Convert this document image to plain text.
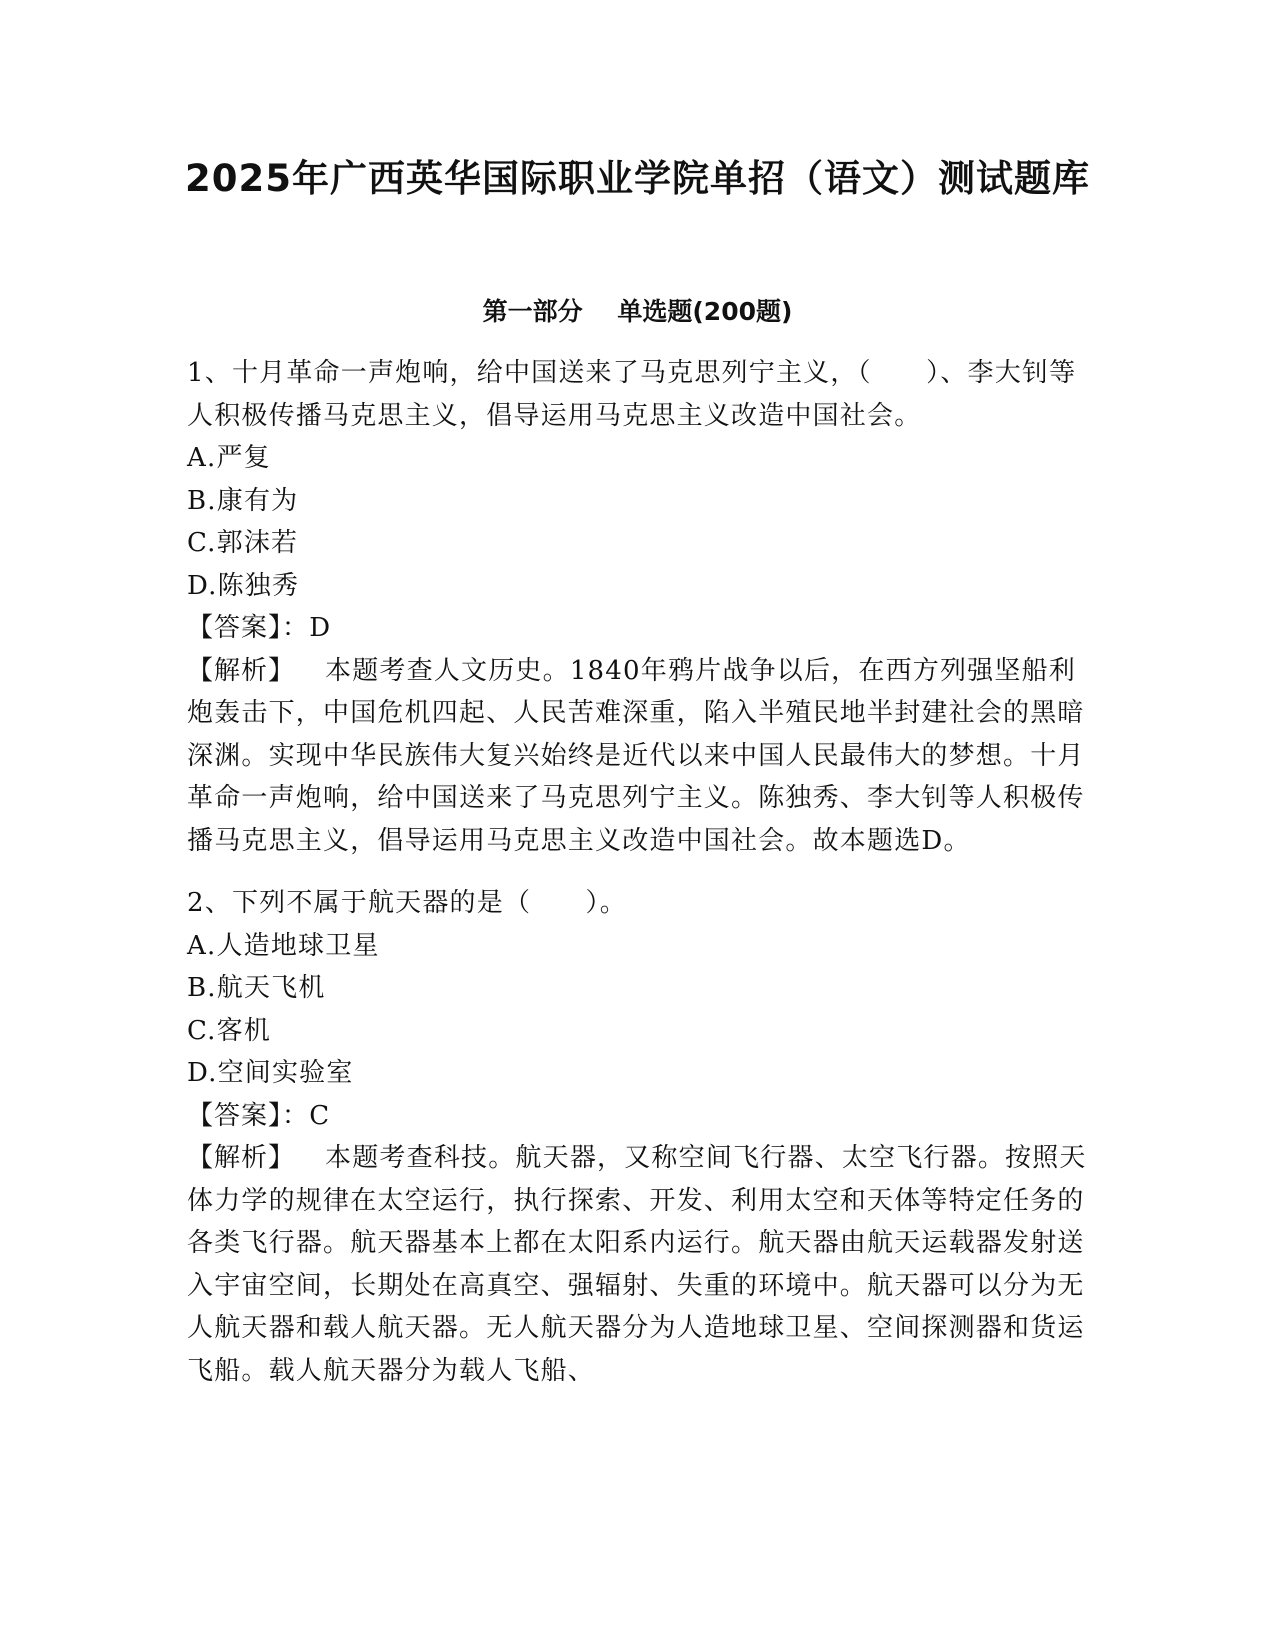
2025年广西英华国际职业学院单招（语文）测试题库
第一部分    单选题(200题)

1、十月革命一声炮响，给中国送来了马克思列宁主义，（　　）、李大钊等人积极传播马克思主义，倡导运用马克思主义改造中国社会。

A.严复

B.康有为

C.郭沫若

D.陈独秀

【答案】：D

【解析】 本题考查人文历史。1840年鸦片战争以后，在西方列强坚船利炮轰击下，中国危机四起、人民苦难深重，陷入半殖民地半封建社会的黑暗深渊。实现中华民族伟大复兴始终是近代以来中国人民最伟大的梦想。十月革命一声炮响，给中国送来了马克思列宁主义。陈独秀、李大钊等人积极传播马克思主义，倡导运用马克思主义改造中国社会。故本题选D。

2、下列不属于航天器的是（　　）。

A.人造地球卫星

B.航天飞机

C.客机

D.空间实验室

【答案】：C

【解析】 本题考查科技。航天器，又称空间飞行器、太空飞行器。按照天体力学的规律在太空运行，执行探索、开发、利用太空和天体等特定任务的各类飞行器。航天器基本上都在太阳系内运行。航天器由航天运载器发射送入宇宙空间，长期处在高真空、强辐射、失重的环境中。航天器可以分为无人航天器和载人航天器。无人航天器分为人造地球卫星、空间探测器和货运飞船。载人航天器分为载人飞船、
